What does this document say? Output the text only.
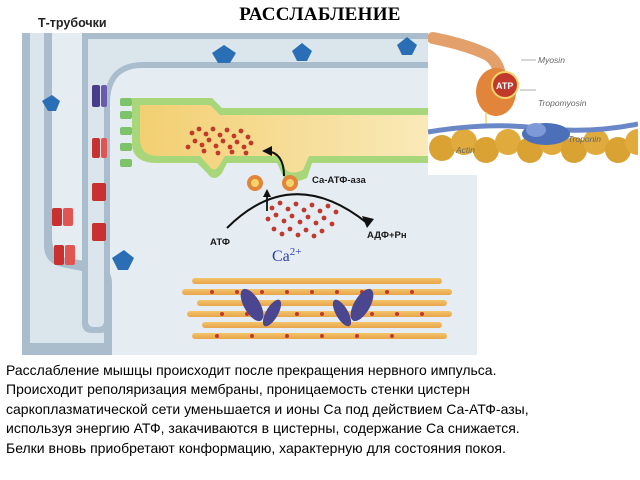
РАССЛАБЛЕНИЕ
Са-АТФ-аза
АТФ
АДФ+Рн
$Ca^{2+}$
Т-трубочки
ATP
Myosin
Tropomyosin
Actin
Troponin

Расслабление мышцы происходит после прекращения нервного импульса.

Происходит реполяризация мембраны, проницаемость стенки цистерн

саркоплазматической сети уменьшается и ионы Са под действием Са-АТФ-азы,

используя энергию АТФ, закачиваются в цистерны, содержание Са снижается.

Белки вновь приобретают конформацию, характерную для состояния покоя.
